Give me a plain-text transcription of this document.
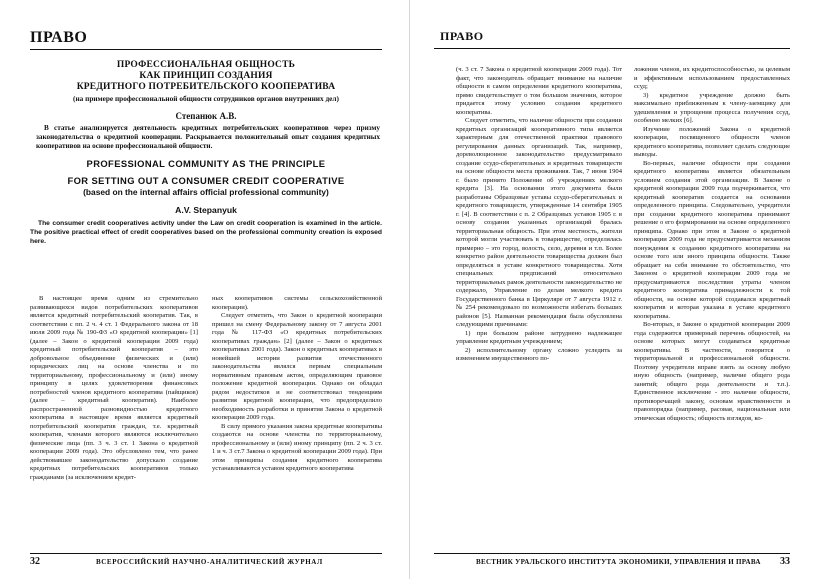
ПРАВО
ПРОФЕССИОНАЛЬНАЯ ОБЩНОСТЬ
КАК ПРИНЦИП СОЗДАНИЯ
КРЕДИТНОГО ПОТРЕБИТЕЛЬСКОГО КООПЕРАТИВА
(на примере профессиональной общности сотрудников органов внутренних дел)
Степанюк А.В.
В статье анализируется деятельность кредитных потребительских кооперативов через призму законодательства о кредитной кооперации. Раскрывается положительный опыт создания кредитных кооперативов на основе профессиональной общности.
PROFESSIONAL COMMUNITY AS THE PRINCIPLE
FOR SETTING OUT A CONSUMER CREDIT COOPERATIVE
(based on the internal affairs official professional community)
A.V. Stepanyuk
The consumer credit cooperatives activity under the Law on credit cooperation is examined in the article. The positive practical effect of credit cooperatives based on the professional community creation is exposed here.

В настоящее время одним из стремительно развивающихся видов потребительских кооперативов является кредитный потребительский кооператив. Так, в соответствии с пп. 2 ч. 4 ст. 1 Федерального закона от 18 июля 2009 года № 190-ФЗ «О кредитной кооперации» [1] (далее – Закон о кредитной кооперации 2009 года) кредитный потребительский кооператив – это добровольное объединение физических и (или) юридических лиц на основе членства и по территориальному, профессиональному и (или) иному принципу в целях удовлетворения финансовых потребностей членов кредитного кооператива (пайщиков) (далее – кредитный кооператив). Наиболее распространенной разновидностью кредитного кооператива в настоящее время является кредитный потребительский кооператив граждан, т.е. кредитный кооператив, членами которого являются исключительно физические лица (пп. 3 ч. 3 ст. 1 Закона о кредитной кооперации 2009 года). Это обусловлено тем, что ранее действовавшее законодательство допускало создание кредитных потребительских кооперативов только гражданами (за исключением кредит-

ных кооперативов системы сельскохозяйственной кооперации).

Следует отметить, что Закон о кредитной кооперации пришел на смену Федеральному закону от 7 августа 2001 года № 117-ФЗ «О кредитных потребительских кооперативах граждан» [2] (далее – Закон о кредитных кооперативах 2001 года). Закон о кредитных кооперативах в новейшей истории развития отечественного законодательства являлся первым специальным нормативным правовым актом, определяющим правовое положение кредитной кооперации. Однако он обладал рядом недостатков и не соответствовал тенденциям развития кредитной кооперации, что предопределило необходимость разработки и принятия Закона о кредитной кооперации 2009 года.

В силу прямого указания закона кредитные кооперативы создаются на основе членства по территориальному, профессиональному и (или) иному принципу (пп. 2 ч. 3 ст. 1 и ч. 3 ст.7 Закона о кредитной кооперации 2009 года). При этом принципы создания кредитного кооператива устанавливаются уставом кредитного кооператива

32	ВСЕРОССИЙСКИЙ НАУЧНО-АНАЛИТИЧЕСКИЙ ЖУРНАЛ
ПРАВО

(ч. 3 ст. 7 Закона о кредитной кооперации 2009 года). Тот факт, что законодатель обращает внимание на наличие общности в самом определении кредитного кооператива, прямо свидетельствует о том большом значении, которое придается этому условию создания кредитного кооператива.

Следует отметить, что наличие общности при создании кредитных организаций кооперативного типа является характерным для отечественной практики правового регулирования данных организаций. Так, например, дореволюционное законодательство предусматривало создание ссудо-сберегательных и кредитных товариществ на основе общности места проживания. Так, 7 июня 1904 г. было принято Положение об учреждениях мелкого кредита [3]. На основании этого документа были разработаны Образцовые уставы ссудо-сберегательных и кредитного товариществ, утвержденные 14 сентября 1905 г. [4]. В соответствии с п. 2 Образцовых уставов 1905 г. в основу создания указанных организаций бралась территориальная общность. При этом местность, жители которой могли участвовать в товариществе, определялась примерно – это город, волость, село, деревня и т.п. Более конкретно район деятельности товарищества должен был определяться в уставе конкретного товарищества. Хотя специальных предписаний относительно территориальных рамок деятельности законодательство не содержало, Управление по делам мелкого кредита Государственного банка в Циркуляре от 7 августа 1912 г. № 254 рекомендовало по возможности избегать больших районов [5]. Названная рекомендация была обусловлена следующими причинами:

1) при большом районе затруднено надлежащее управление кредитным учреждением;

2) исполнительному органу сложно уследить за изменением имущественного по-

ложения членов, их кредитоспособностью, за целевым и эффективным использованием предоставленных ссуд;

3) кредитное учреждение должно быть максимально приближенным к члену-заемщику для удешевления и упрощения процесса получения ссуд, особенно мелких [6].

Изучение положений Закона о кредитной кооперации, посвященного общности членов кредитного кооператива, позволяет сделать следующие выводы.

Во-первых, наличие общности при создании кредитного кооператива является обязательным условием создания этой организации. В Законе о кредитной кооперации 2009 года подчеркивается, что кредитный кооператив создается на основании определенного принципа. Следовательно, учредители при создании кредитного кооператива принимают решение о его формировании на основе определенного принципа. Однако при этом в Законе о кредитной кооперации 2009 года не предусматривается механизм понуждения к созданию кредитного кооператива на основе того или иного принципа общности. Также обращает на себя внимание то обстоятельство, что Законом о кредитной кооперации 2009 года не предусматриваются последствия утраты членом кредитного кооператива принадлежности к той общности, на основе которой создавался кредитный кооператив и которая указана в уставе кредитного кооператива.

Во-вторых, в Законе о кредитной кооперации 2009 года содержится примерный перечень общностей, на основе которых могут создаваться кредитные кооперативы. В частности, говорится о территориальной и профессиональной общности. Поэтому учредители вправе взять за основу любую иную общность (например, наличие общего рода занятий; общего рода деятельности и т.п.). Единственное исключение - это наличие общности, противоречащей закону, основам нравственности и правопорядка (например, расовая, национальная или этническая общность; общность взглядов, ко-

ВЕСТНИК УРАЛЬСКОГО ИНСТИТУТА ЭКОНОМИКИ, УПРАВЛЕНИЯ И ПРАВА 33
